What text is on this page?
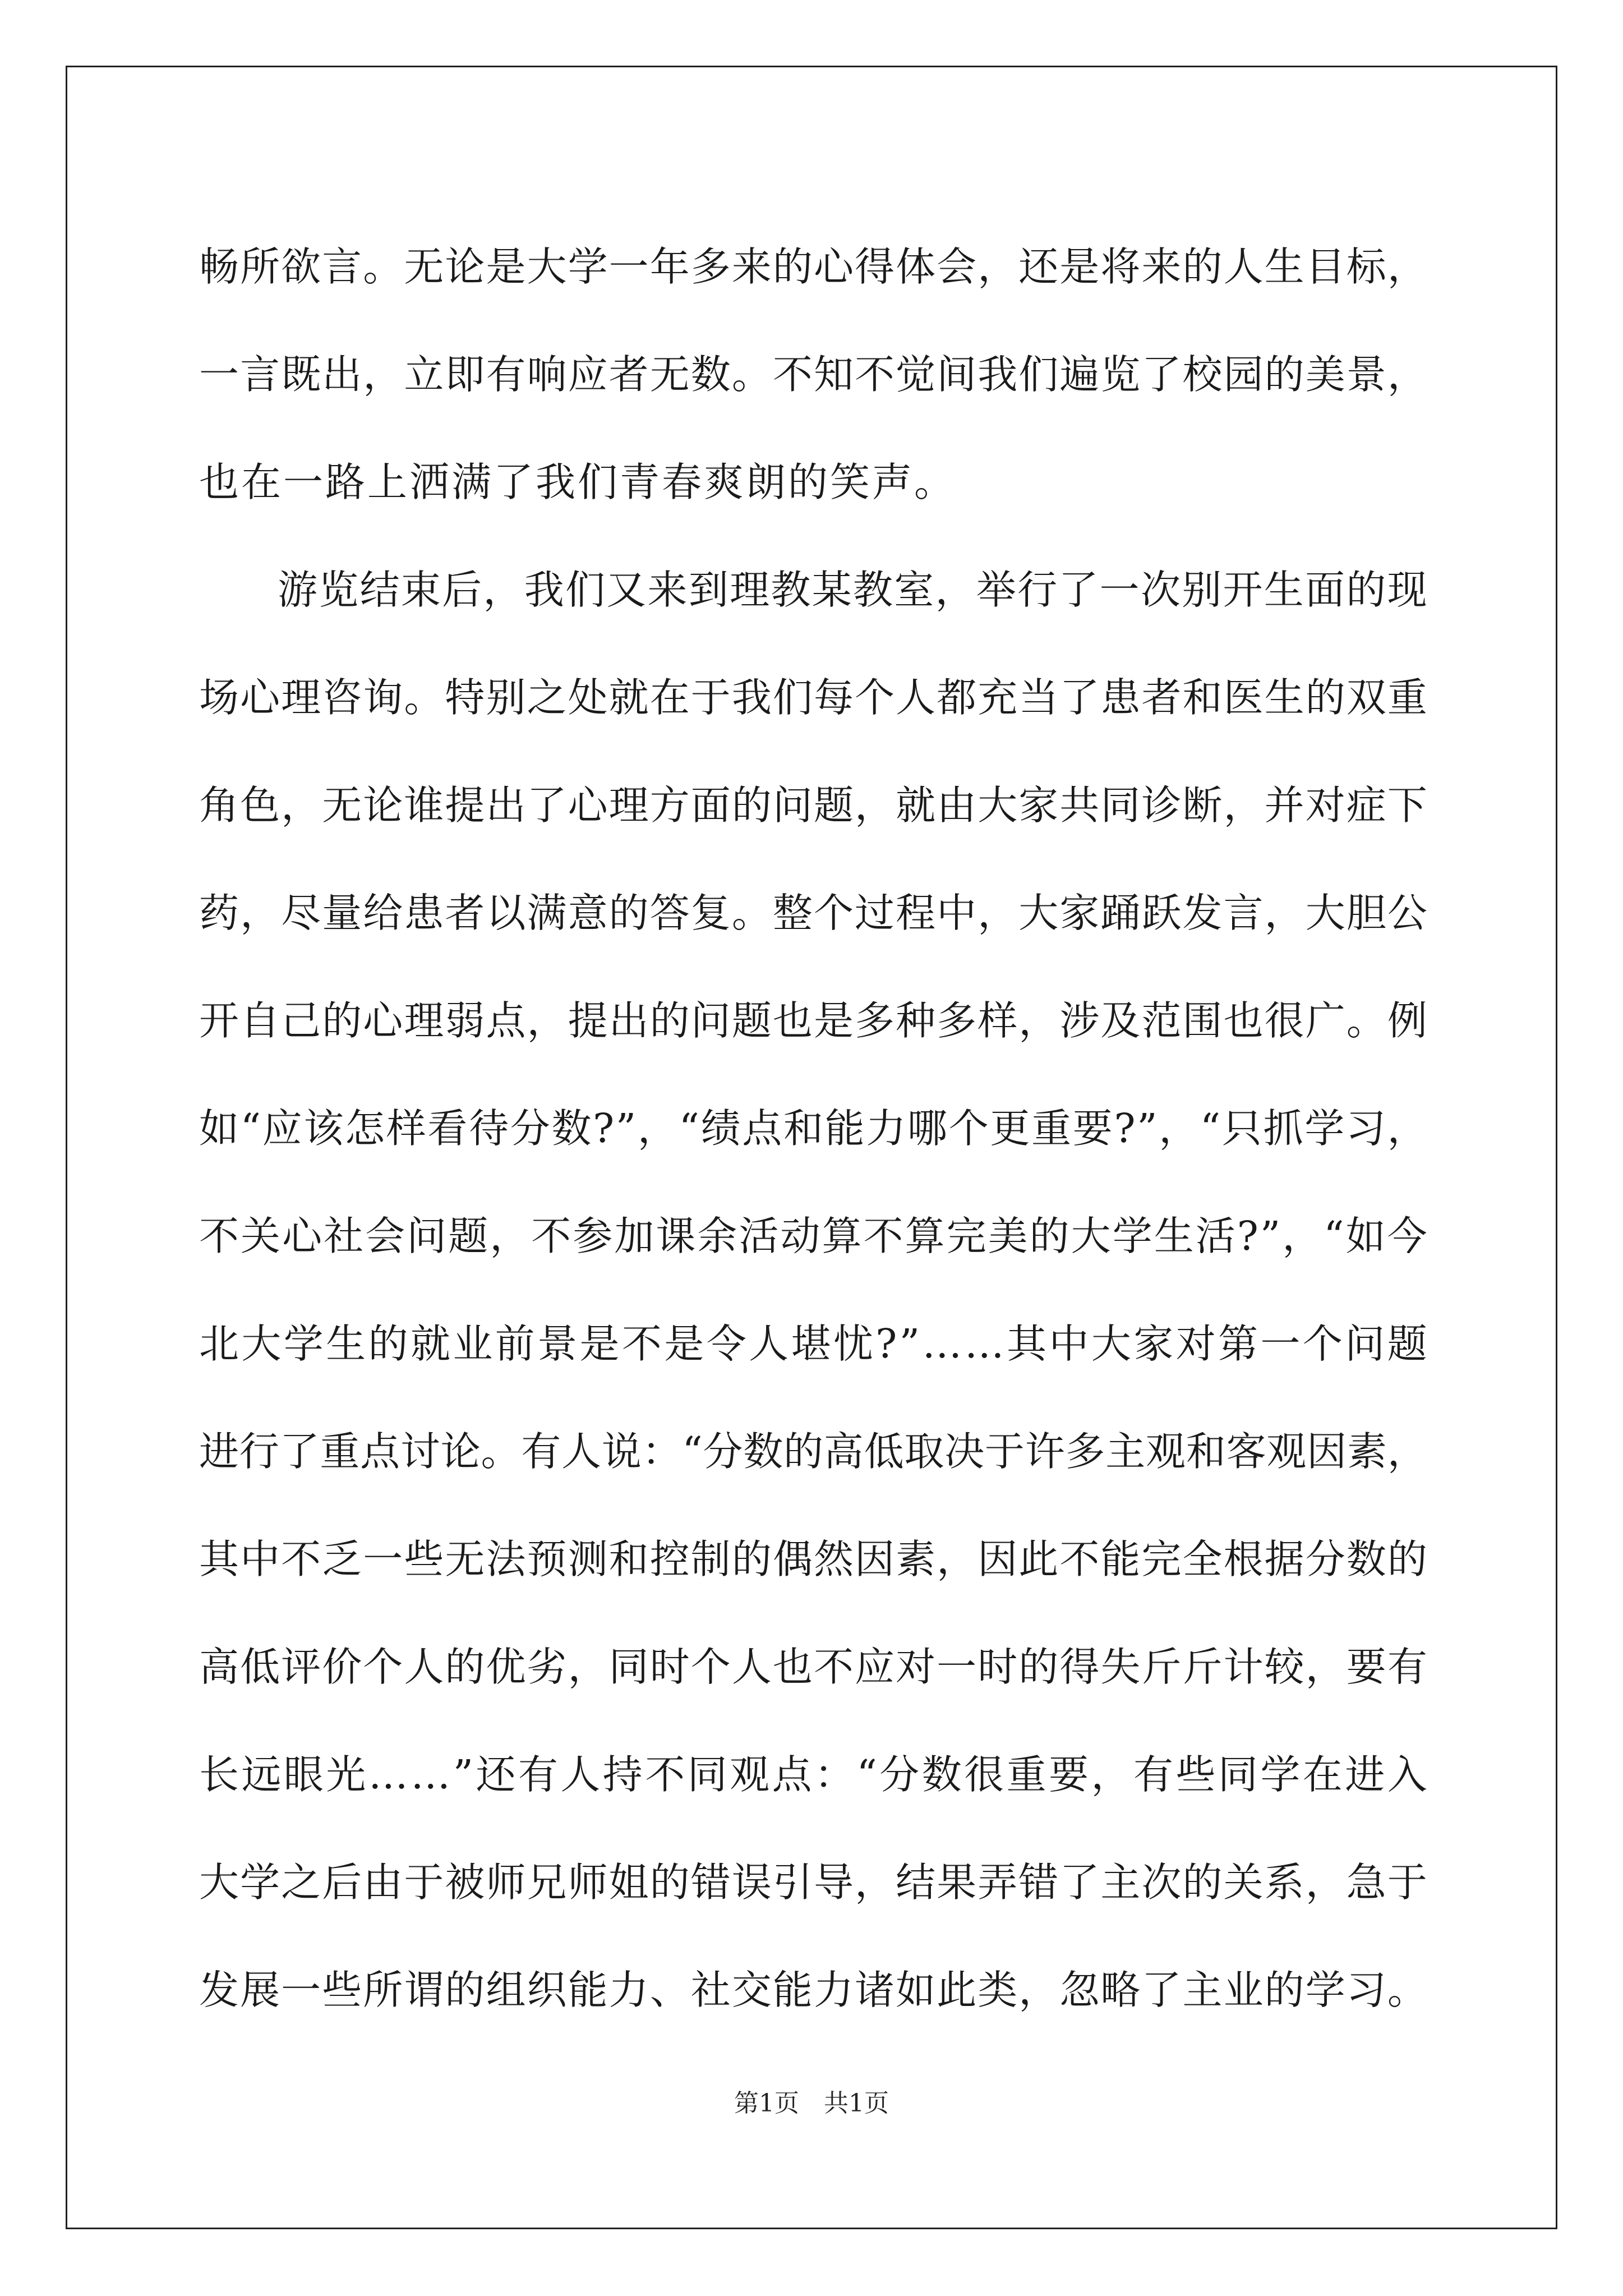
畅 所 欲 言 。 无 论 是 大 学 一 年 多 来 的 心 得 体 会 ， 还 是 将 来 的 人 生 目 标 ，
一 言 既 出 ， 立 即 有 响 应 者 无 数 。 不 知 不 觉 间 我 们 遍 览 了 校 园 的 美 景 ，
也在一路上洒满了我们青春爽朗的笑声。
游 览 结 束 后 ， 我 们 又 来 到 理 教 某 教 室 ， 举 行 了 一 次 别 开 生 面 的 现
场 心 理 咨 询 。 特 别 之 处 就 在 于 我 们 每 个 人 都 充 当 了 患 者 和 医 生 的 双 重
角 色 ， 无 论 谁 提 出 了 心 理 方 面 的 问 题 ， 就 由 大 家 共 同 诊 断 ， 并 对 症 下
药 ， 尽 量 给 患 者 以 满 意 的 答 复 。 整 个 过 程 中 ， 大 家 踊 跃 发 言 ， 大 胆 公
开 自 己 的 心 理 弱 点 ， 提 出 的 问 题 也 是 多 种 多 样 ， 涉 及 范 围 也 很 广 。 例
如 “ 应 该 怎 样 看 待 分 数 ? ” ， “ 绩 点 和 能 力 哪 个 更 重 要 ? ” ， “ 只 抓 学 习 ，
不 关 心 社 会 问 题 ， 不 参 加 课 余 活 动 算 不 算 完 美 的 大 学 生 活 ? ” ， “ 如 今
北 大 学 生 的 就 业 前 景 是 不 是 令 人 堪 忧 ? ” … … 其 中 大 家 对 第 一 个 问 题
进 行 了 重 点 讨 论 。 有 人 说 ： “ 分 数 的 高 低 取 决 于 许 多 主 观 和 客 观 因 素 ，
其 中 不 乏 一 些 无 法 预 测 和 控 制 的 偶 然 因 素 ， 因 此 不 能 完 全 根 据 分 数 的
高 低 评 价 个 人 的 优 劣 ， 同 时 个 人 也 不 应 对 一 时 的 得 失 斤 斤 计 较 ， 要 有
长 远 眼 光 … … ” 还 有 人 持 不 同 观 点 ： “ 分 数 很 重 要 ， 有 些 同 学 在 进 入
大 学 之 后 由 于 被 师 兄 师 姐 的 错 误 引 导 ， 结 果 弄 错 了 主 次 的 关 系 ， 急 于
发 展 一 些 所 谓 的 组 织 能 力 、 社 交 能 力 诸 如 此 类 ， 忽 略 了 主 业 的 学 习 。
第1页　共1页
